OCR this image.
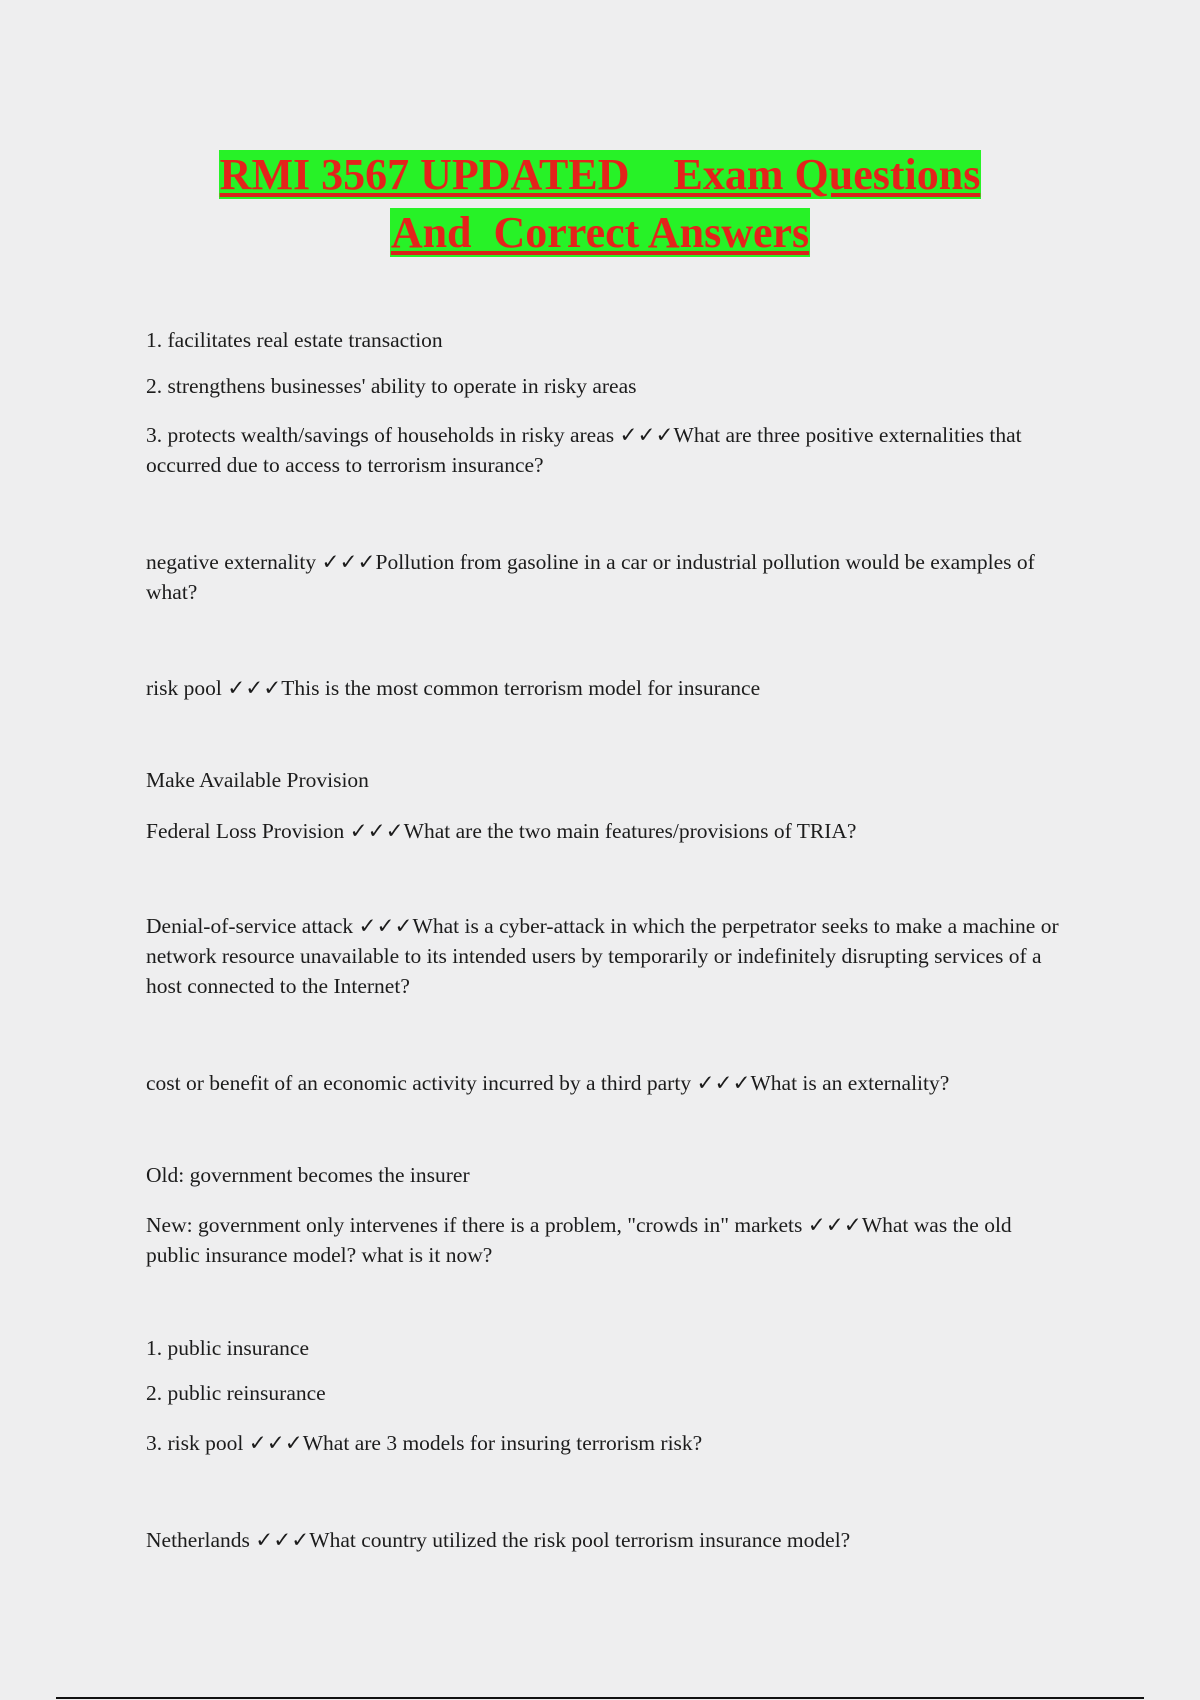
RMI 3567 UPDATED    Exam Questions
And  Correct Answers

1. facilitates real estate transaction

2. strengthens businesses' ability to operate in risky areas

3. protects wealth/savings of households in risky areas ✓✓✓What are three positive externalities that occurred due to access to terrorism insurance?

negative externality ✓✓✓Pollution from gasoline in a car or industrial pollution would be examples of what?

risk pool ✓✓✓This is the most common terrorism model for insurance

Make Available Provision

Federal Loss Provision ✓✓✓What are the two main features/provisions of TRIA?

Denial-of-service attack ✓✓✓What is a cyber-attack in which the perpetrator seeks to make a machine or network resource unavailable to its intended users by temporarily or indefinitely disrupting services of a host connected to the Internet?

cost or benefit of an economic activity incurred by a third party ✓✓✓What is an externality?

Old: government becomes the insurer

New: government only intervenes if there is a problem, "crowds in" markets ✓✓✓What was the old public insurance model? what is it now?

1. public insurance

2. public reinsurance

3. risk pool ✓✓✓What are 3 models for insuring terrorism risk?

Netherlands ✓✓✓What country utilized the risk pool terrorism insurance model?
